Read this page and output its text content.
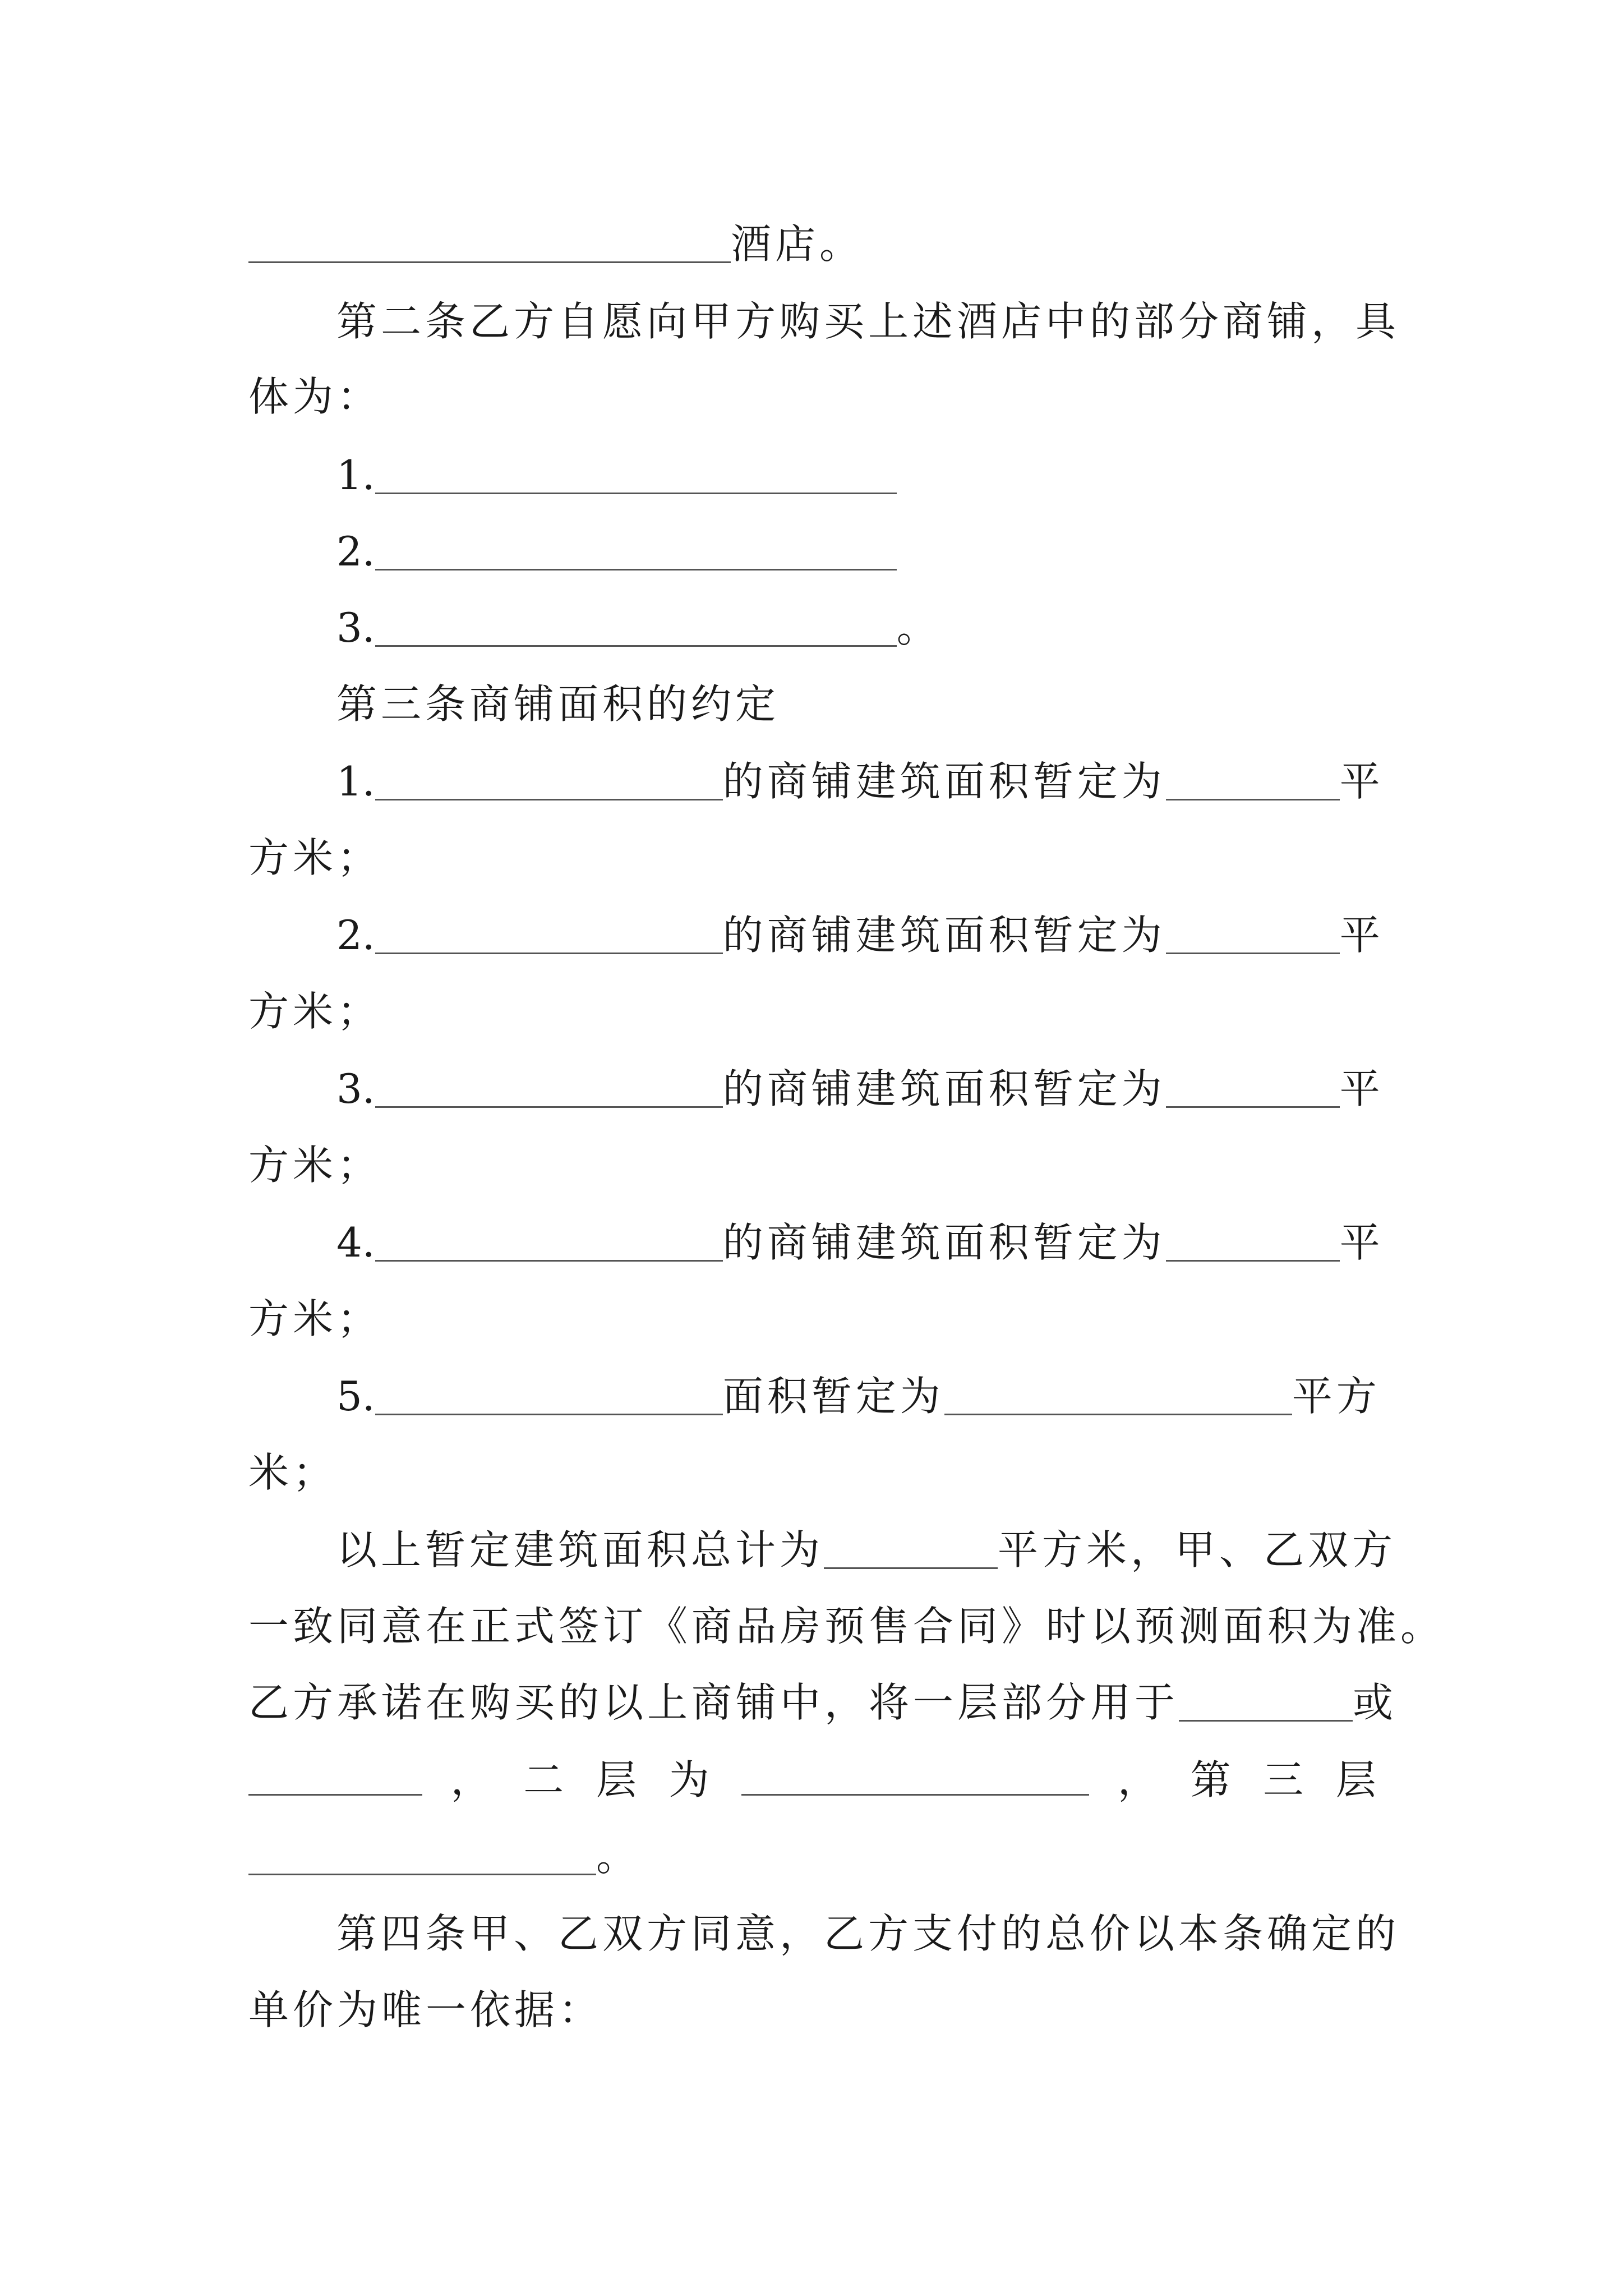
酒店。
第二条乙方自愿向甲方购买上述酒店中的部分商铺，具
体为：
1.
2.
3.	。
第三条商铺面积的约定
1.	的商铺建筑面积暂定为	平
方米；
2.	的商铺建筑面积暂定为	平
方米；
3.	的商铺建筑面积暂定为	平
方米；
4.	的商铺建筑面积暂定为	平
方米；
5.	面积暂定为	平方
米；
以上暂定建筑面积总计为	平方米，甲、乙双方
一致同意在正式签订《商品房预售合同》时以预测面积为准。
乙方承诺在购买的以上商铺中，将一层部分用于	或
， 二 层 为	， 第 三 层
。
第四条甲、乙双方同意，乙方支付的总价以本条确定的
单价为唯一依据：
